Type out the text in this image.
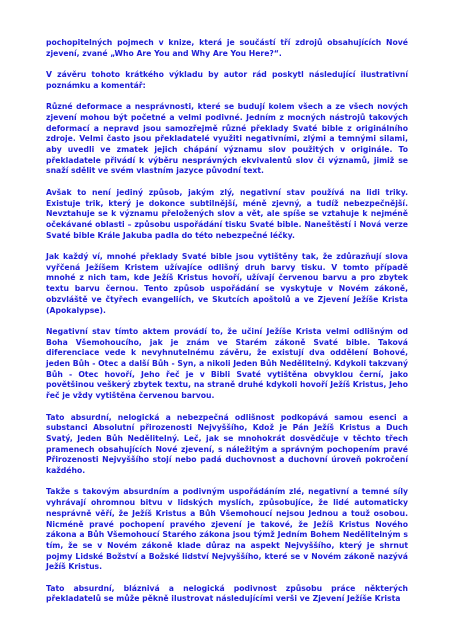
pochopitelných pojmech v knize, která je součástí tří zdrojů obsahujících Nové zjevení, zvané „Who Are You and Why Are You Here?“.

V závěru tohoto krátkého výkladu by autor rád poskytl následující ilustrativní poznámku a komentář:

Různé deformace a nesprávnosti, které se budují kolem všech a ze všech nových zjevení mohou být početné a velmi podivné. Jedním z mocných nástrojů takových deformací a nepravd jsou samozřejmě různé překlady Svaté bible z originálního zdroje. Velmi často jsou překladatelé využiti negativními, zlými a temnými silami, aby uvedli ve zmatek jejich chápání významu slov použitých v originále. To překladatele přivádí k výběru nesprávných ekvivalentů slov či významů, jimiž se snaží sdělit ve svém vlastním jazyce původní text.

Avšak to není jediný způsob, jakým zlý, negativní stav používá na lidi triky. Existuje trik, který je dokonce subtilnější, méně zjevný, a tudíž nebezpečnější. Nevztahuje se k významu přeložených slov a vět, ale spíše se vztahuje k nejméně očekávané oblasti – způsobu uspořádání tisku Svaté bible. Naneštěstí i Nová verze Svaté bible Krále Jakuba padla do této nebezpečné léčky.

Jak každý ví, mnohé překlady Svaté bible jsou vytištěny tak, že zdůrazňují slova vyřčená Ježíšem Kristem užívajíce odlišný druh barvy tisku. V tomto případě mnohé z nich tam, kde Ježíš Kristus hovoří, užívají červenou barvu a pro zbytek textu barvu černou. Tento způsob uspořádání se vyskytuje v Novém zákoně, obzvláště ve čtyřech evangeliích, ve Skutcích apoštolů a ve Zjevení Ježíše Krista (Apokalypse).

Negativní stav tímto aktem provádí to, že učiní Ježíše Krista velmi odlišným od Boha Všemohoucího, jak je znám ve Starém zákoně Svaté bible. Taková diferenciace vede k nevyhnutelnému závěru, že existují dva oddělení Bohové, jeden Bůh - Otec a další Bůh - Syn, a nikoli Jeden Bůh Nedělitelný. Kdykoli takzvaný Bůh - Otec hovoří, Jeho řeč je v Bibli Svaté vytištěna obvyklou černí, jako povětšinou veškerý zbytek textu, na straně druhé kdykoli hovoří Ježíš Kristus, Jeho řeč je vždy vytištěna červenou barvou.

Tato absurdní, nelogická a nebezpečná odlišnost podkopává samou esenci a substanci Absolutní přirozenosti Nejvyššího, Kdož je Pán Ježíš Kristus a Duch Svatý, Jeden Bůh Nedělitelný. Leč, jak se mnohokrát dosvědčuje v těchto třech pramenech obsahujících Nové zjevení, s náležitým a správným pochopením pravé Přirozenosti Nejvyššího stojí nebo padá duchovnost a duchovní úroveň pokročení každého.

Takže s takovým absurdním a podivným uspořádáním zlé, negativní a temné síly vyhrávají ohromnou bitvu v lidských myslích, způsobujíce, že lidé automaticky nesprávně věří, že Ježíš Kristus a Bůh Všemohoucí nejsou Jednou a touž osobou. Nicméně pravé pochopení pravého zjevení je takové, že Ježíš Kristus Nového zákona a Bůh Všemohoucí Starého zákona jsou týmž Jedním Bohem Nedělitelným s tím, že se v Novém zákoně klade důraz na aspekt Nejvyššího, který je shrnut pojmy Lidské Božství a Božské lidství Nejvyššího, které se v Novém zákoně nazývá Ježíš Kristus.

Tato absurdní, bláznivá a nelogická podivnost způsobu práce některých překladatelů se může pěkně ilustrovat následujícími verši ve Zjevení Ježíše Krista
